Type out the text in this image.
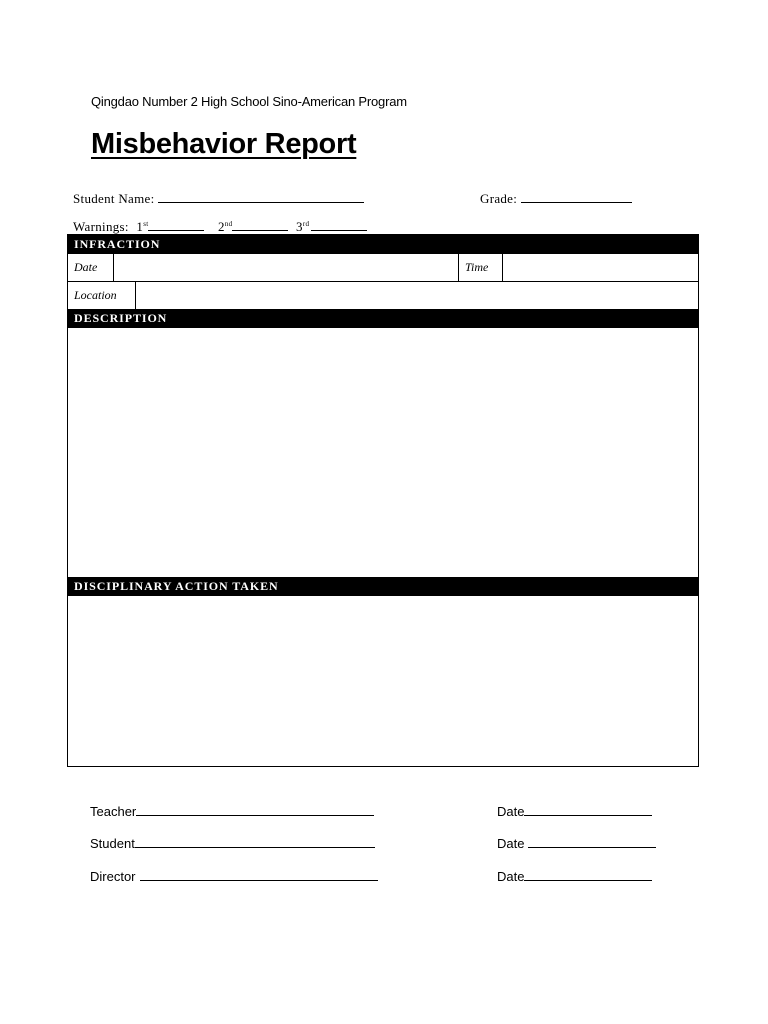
Qingdao Number 2 High School Sino-American Program
Misbehavior Report
Student Name:	Grade:
Warnings: 1st	2nd	3rd
INFRACTION
Date	Time
Location
DESCRIPTION
DISCIPLINARY ACTION TAKEN
Teacher	Date
Student	Date
Director	Date
